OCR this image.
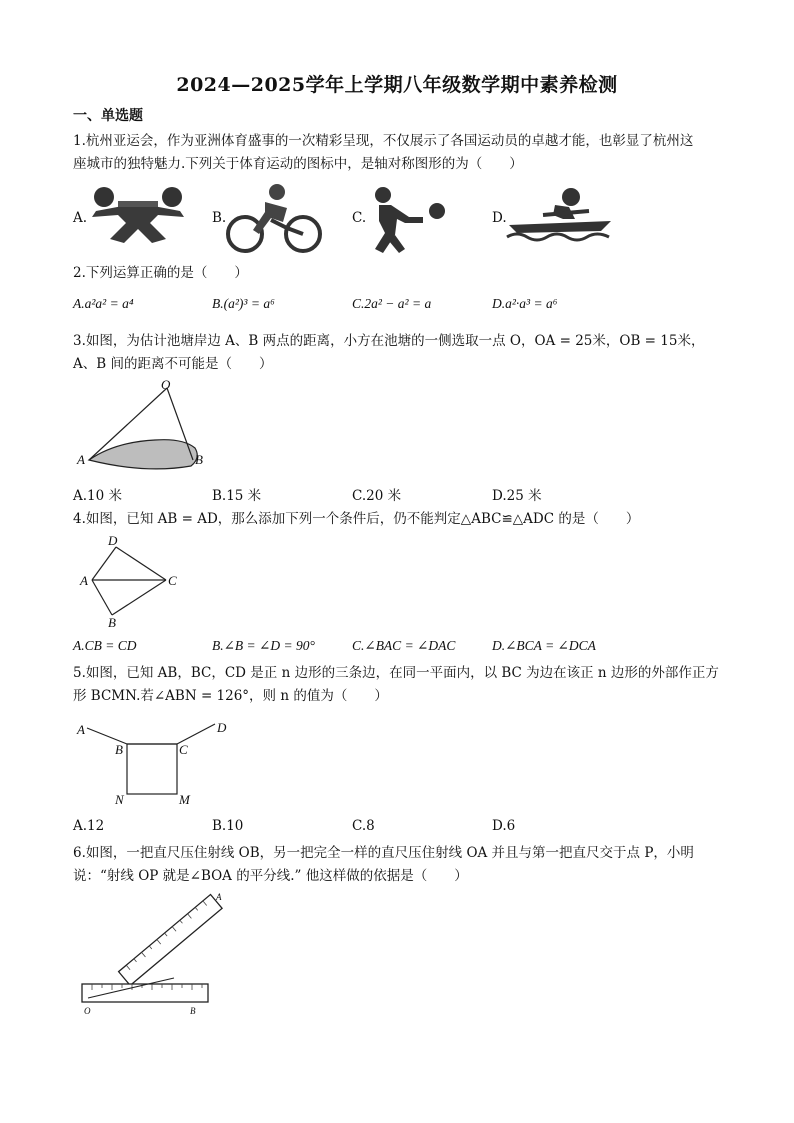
2024—2025学年上学期八年级数学期中素养检测
一、单选题
1.杭州亚运会，作为亚洲体育盛事的一次精彩呈现，不仅展示了各国运动员的卓越才能，也彰显了杭州这
座城市的独特魅力.下列关于体育运动的图标中，是轴对称图形的为（　　）
A.	B.	C.	D.
2.下列运算正确的是（　　）
A.a²a² = a⁴	B.(a²)³ = a⁶	C.2a² − a² = a	D.a²·a³ = a⁶
3.如图，为估计池塘岸边 A、B 两点的距离，小方在池塘的一侧选取一点 O，OA = 25米，OB = 15米，
A、B 间的距离不可能是（　　）
O
A	B
A.10 米	B.15 米	C.20 米	D.25 米
4.如图，已知 AB = AD，那么添加下列一个条件后，仍不能判定△ABC≌△ADC 的是（　　）
D
A	C
B
A.CB = CD	B.∠B = ∠D = 90°	C.∠BAC = ∠DAC	D.∠BCA = ∠DCA
5.如图，已知 AB，BC，CD 是正 n 边形的三条边，在同一平面内，以 BC 为边在该正 n 边形的外部作正方
形 BCMN.若∠ABN = 126°，则 n 的值为（　　）
A
B	C
D
N	M
A.12	B.10	C.8	D.6
6.如图，一把直尺压住射线 OB，另一把完全一样的直尺压住射线 OA 并且与第一把直尺交于点 P，小明
说：“射线 OP 就是∠BOA 的平分线.” 他这样做的依据是（　　）
A
O	B
